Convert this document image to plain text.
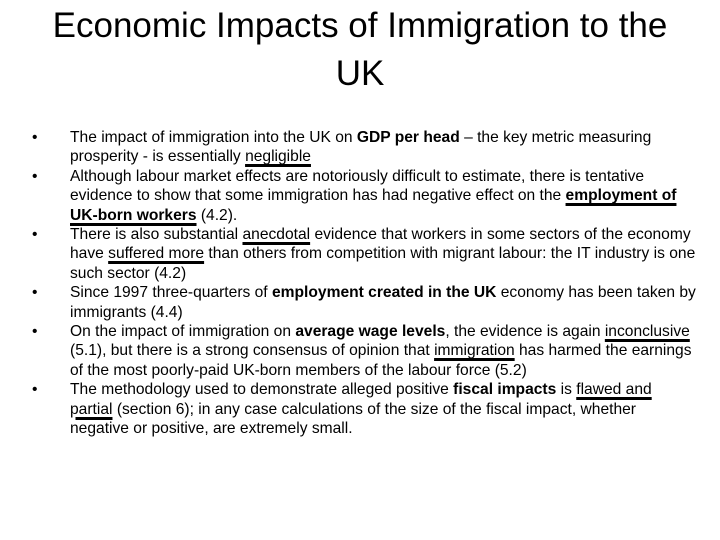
Economic Impacts of Immigration to the UK
• The impact of immigration into the UK on GDP per head – the key metric measuring prosperity - is essentially negligible
• Although labour market effects are notoriously difficult to estimate, there is tentative evidence to show that some immigration has had negative effect on the employment of UK-born workers (4.2).
• There is also substantial anecdotal evidence that workers in some sectors of the economy have suffered more than others from competition with migrant labour: the IT industry is one such sector (4.2)
• Since 1997 three-quarters of employment created in the UK economy has been taken by immigrants (4.4)
• On the impact of immigration on average wage levels, the evidence is again inconclusive (5.1), but there is a strong consensus of opinion that immigration has harmed the earnings of the most poorly-paid UK-born members of the labour force (5.2)
• The methodology used to demonstrate alleged positive fiscal impacts is flawed and partial (section 6); in any case calculations of the size of the fiscal impact, whether negative or positive, are extremely small.
